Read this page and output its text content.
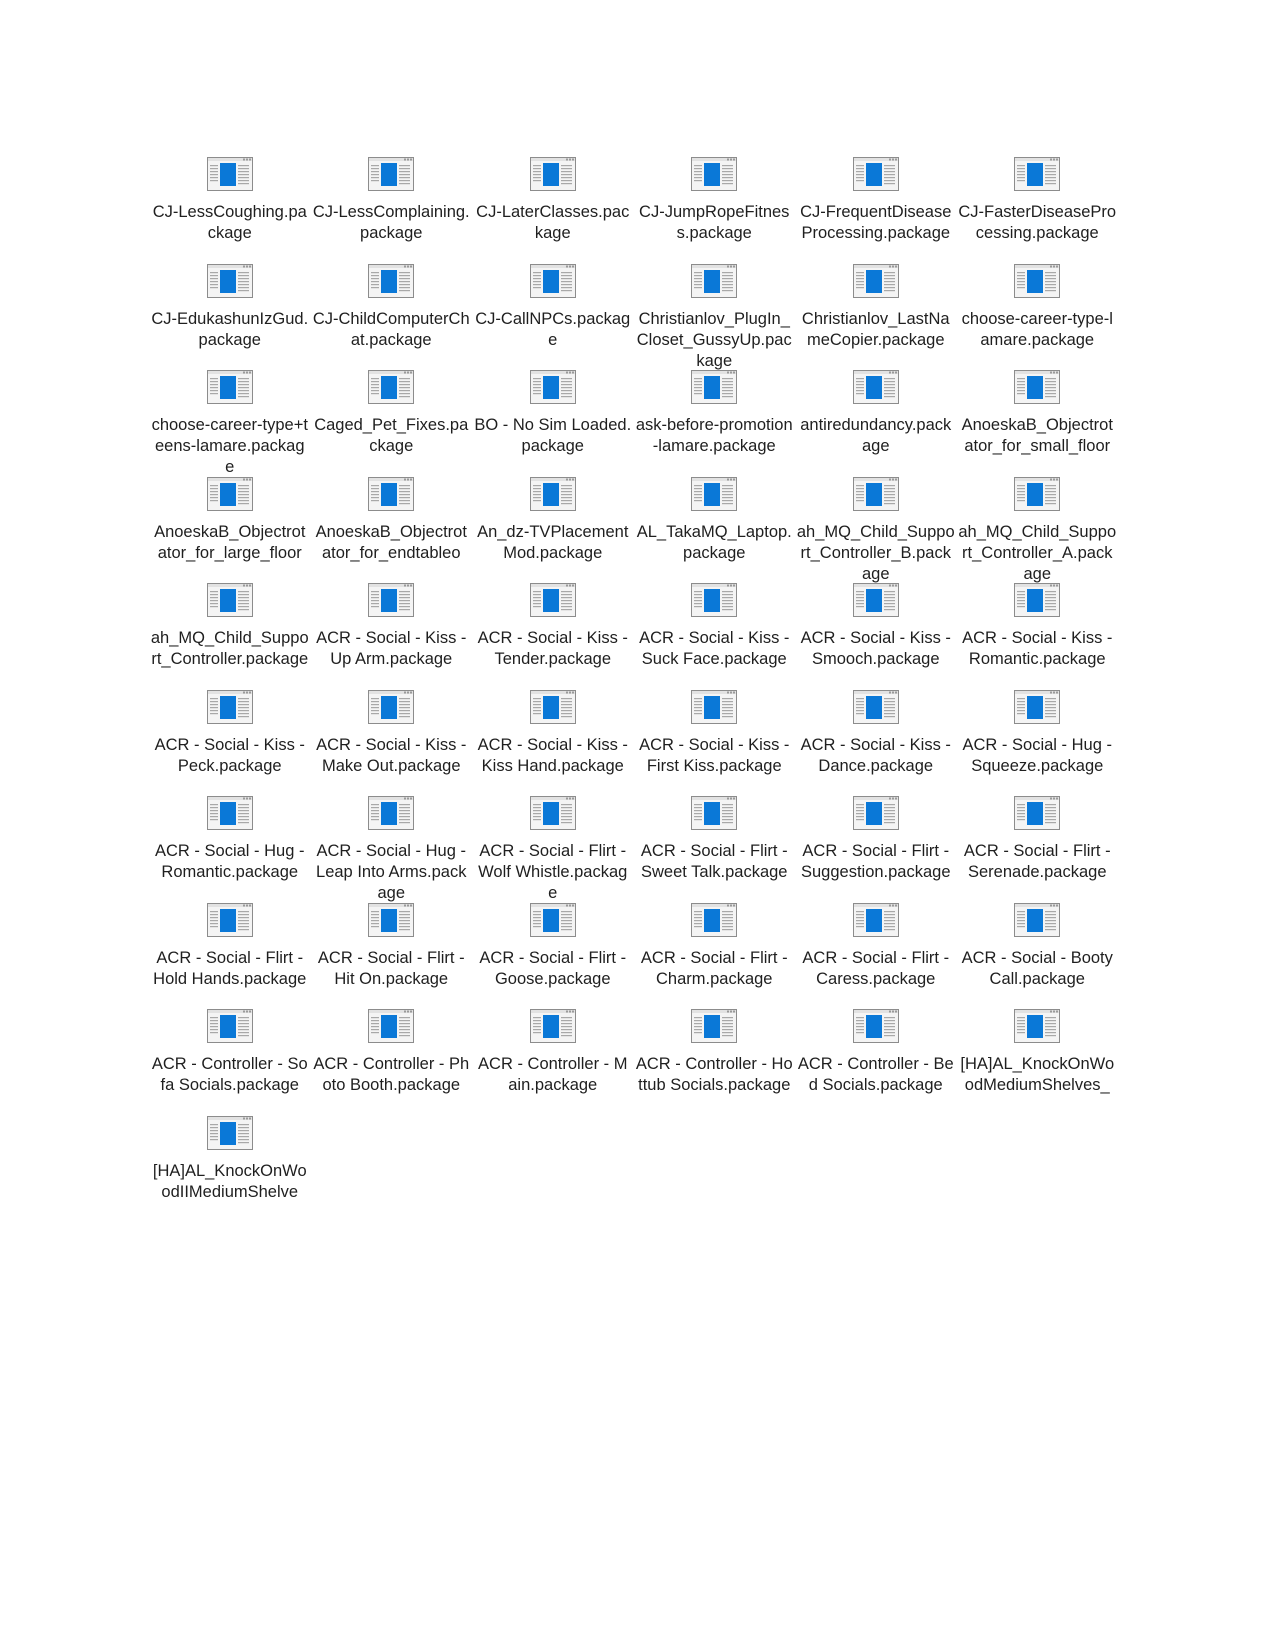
CJ-LessCoughing.package
CJ-LessComplaining.package
CJ-LaterClasses.package
CJ-JumpRopeFitness.package
CJ-FrequentDiseaseProcessing.package
CJ-FasterDiseaseProcessing.package
CJ-EdukashunIzGud.package
CJ-ChildComputerChat.package
CJ-CallNPCs.package
Christianlov_PlugIn_Closet_GussyUp.package
Christianlov_LastNameCopier.package
choose-career-type-lamare.package
choose-career-type+teens-lamare.package
Caged_Pet_Fixes.package
BO - No Sim Loaded.package
ask-before-promotion-lamare.package
antiredundancy.package
AnoeskaB_Objectrotator_for_small_floor
AnoeskaB_Objectrotator_for_large_floor
AnoeskaB_Objectrotator_for_endtableo
An_dz-TVPlacementMod.package
AL_TakaMQ_Laptop.package
ah_MQ_Child_Support_Controller_B.package
ah_MQ_Child_Support_Controller_A.package
ah_MQ_Child_Support_Controller.package
ACR - Social - Kiss - Up Arm.package
ACR - Social - Kiss - Tender.package
ACR - Social - Kiss - Suck Face.package
ACR - Social - Kiss - Smooch.package
ACR - Social - Kiss - Romantic.package
ACR - Social - Kiss - Peck.package
ACR - Social - Kiss - Make Out.package
ACR - Social - Kiss - Kiss Hand.package
ACR - Social - Kiss - First Kiss.package
ACR - Social - Kiss - Dance.package
ACR - Social - Hug - Squeeze.package
ACR - Social - Hug - Romantic.package
ACR - Social - Hug - Leap Into Arms.package
ACR - Social - Flirt - Wolf Whistle.package
ACR - Social - Flirt - Sweet Talk.package
ACR - Social - Flirt - Suggestion.package
ACR - Social - Flirt - Serenade.package
ACR - Social - Flirt - Hold Hands.package
ACR - Social - Flirt - Hit On.package
ACR - Social - Flirt - Goose.package
ACR - Social - Flirt - Charm.package
ACR - Social - Flirt - Caress.package
ACR - Social - Booty Call.package
ACR - Controller - Sofa Socials.package
ACR - Controller - Photo Booth.package
ACR - Controller - Main.package
ACR - Controller - Hottub Socials.package
ACR - Controller - Bed Socials.package
[HA]AL_KnockOnWoodMediumShelves_
[HA]AL_KnockOnWoodIIMediumShelve
